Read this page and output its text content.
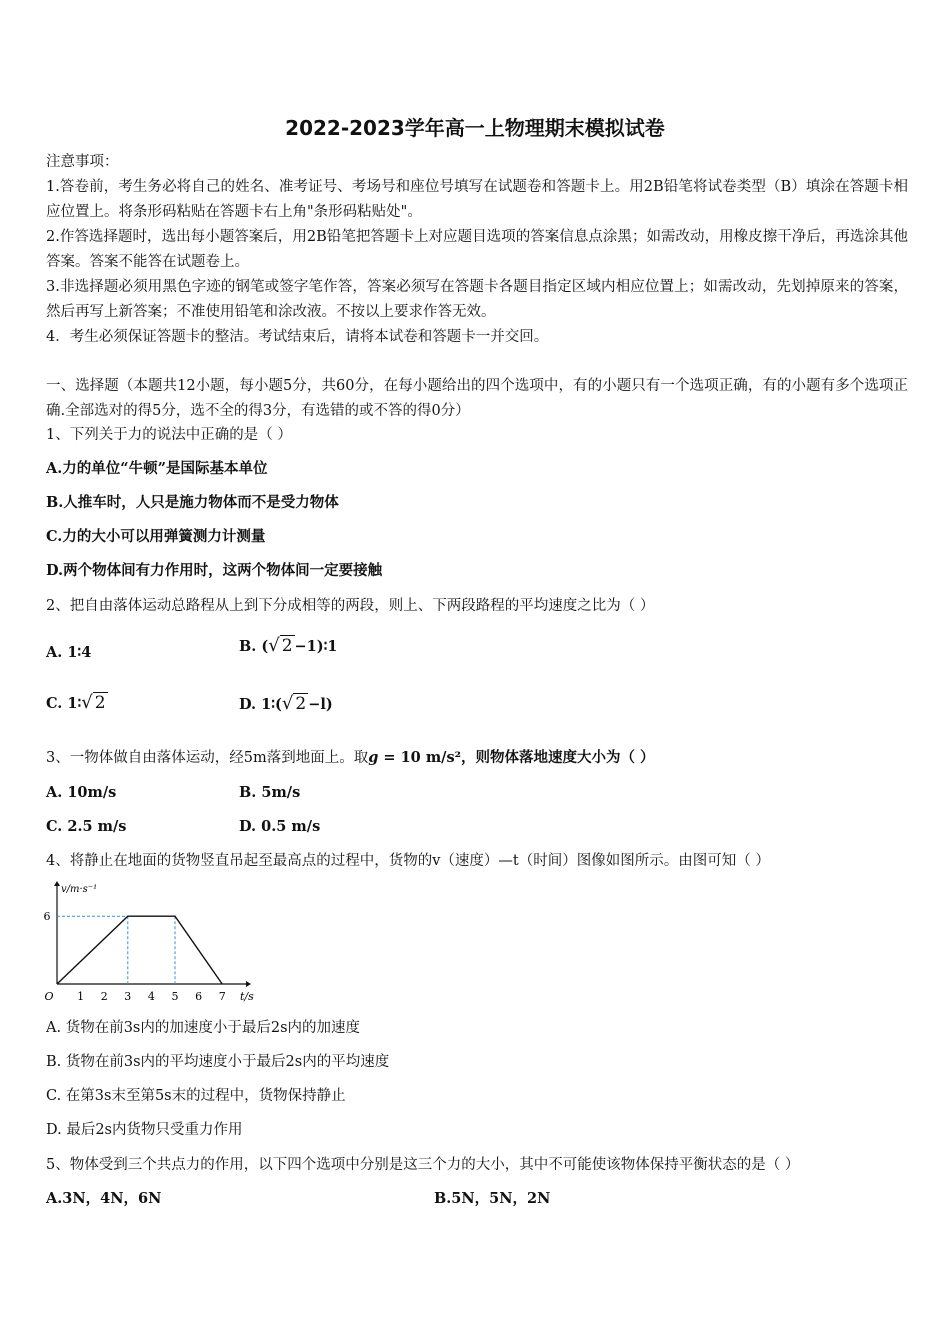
2022-2023学年高一上物理期末模拟试卷
注意事项：
1.答卷前，考生务必将自己的姓名、准考证号、考场号和座位号填写在试题卷和答题卡上。用2B铅笔将试卷类型（B）填涂在答题卡相应位置上。将条形码粘贴在答题卡右上角"条形码粘贴处"。
2.作答选择题时，选出每小题答案后，用2B铅笔把答题卡上对应题目选项的答案信息点涂黑；如需改动，用橡皮擦干净后，再选涂其他答案。答案不能答在试题卷上。
3.非选择题必须用黑色字迹的钢笔或签字笔作答，答案必须写在答题卡各题目指定区域内相应位置上；如需改动，先划掉原来的答案，然后再写上新答案；不准使用铅笔和涂改液。不按以上要求作答无效。
4．考生必须保证答题卡的整洁。考试结束后，请将本试卷和答题卡一并交回。
一、选择题（本题共12小题，每小题5分，共60分，在每小题给出的四个选项中，有的小题只有一个选项正确，有的小题有多个选项正确.全部选对的得5分，选不全的得3分，有选错的或不答的得0分）
1、下列关于力的说法中正确的是（ ）
A.力的单位“牛顿”是国际基本单位
B.人推车时，人只是施力物体而不是受力物体
C.力的大小可以用弹簧测力计测量
D.两个物体间有力作用时，这两个物体间一定要接触
2、把自由落体运动总路程从上到下分成相等的两段，则上、下两段路程的平均速度之比为（ ）
A. 1∶4	B. (√ 2 −1)∶1
C. 1∶√ 2	D. 1∶(√ 2 −l)
3、一物体做自由落体运动，经5m落到地面上。取g = 10 m/s²，则物体落地速度大小为（ ）
A. 10m/s	B. 5m/s
C. 2.5 m/s	D. 0.5 m/s
4、将静止在地面的货物竖直吊起至最高点的过程中，货物的v（速度）—t（时间）图像如图所示。由图可知（ ）
O 1 2 3 4 5 6 7
6
t/s
v/m·s⁻¹
A. 货物在前3s内的加速度小于最后2s内的加速度
B. 货物在前3s内的平均速度小于最后2s内的平均速度
C. 在第3s末至第5s末的过程中，货物保持静止
D. 最后2s内货物只受重力作用
5、物体受到三个共点力的作用，以下四个选项中分别是这三个力的大小，其中不可能使该物体保持平衡状态的是（ ）
A.3N，4N，6N	B.5N，5N，2N
